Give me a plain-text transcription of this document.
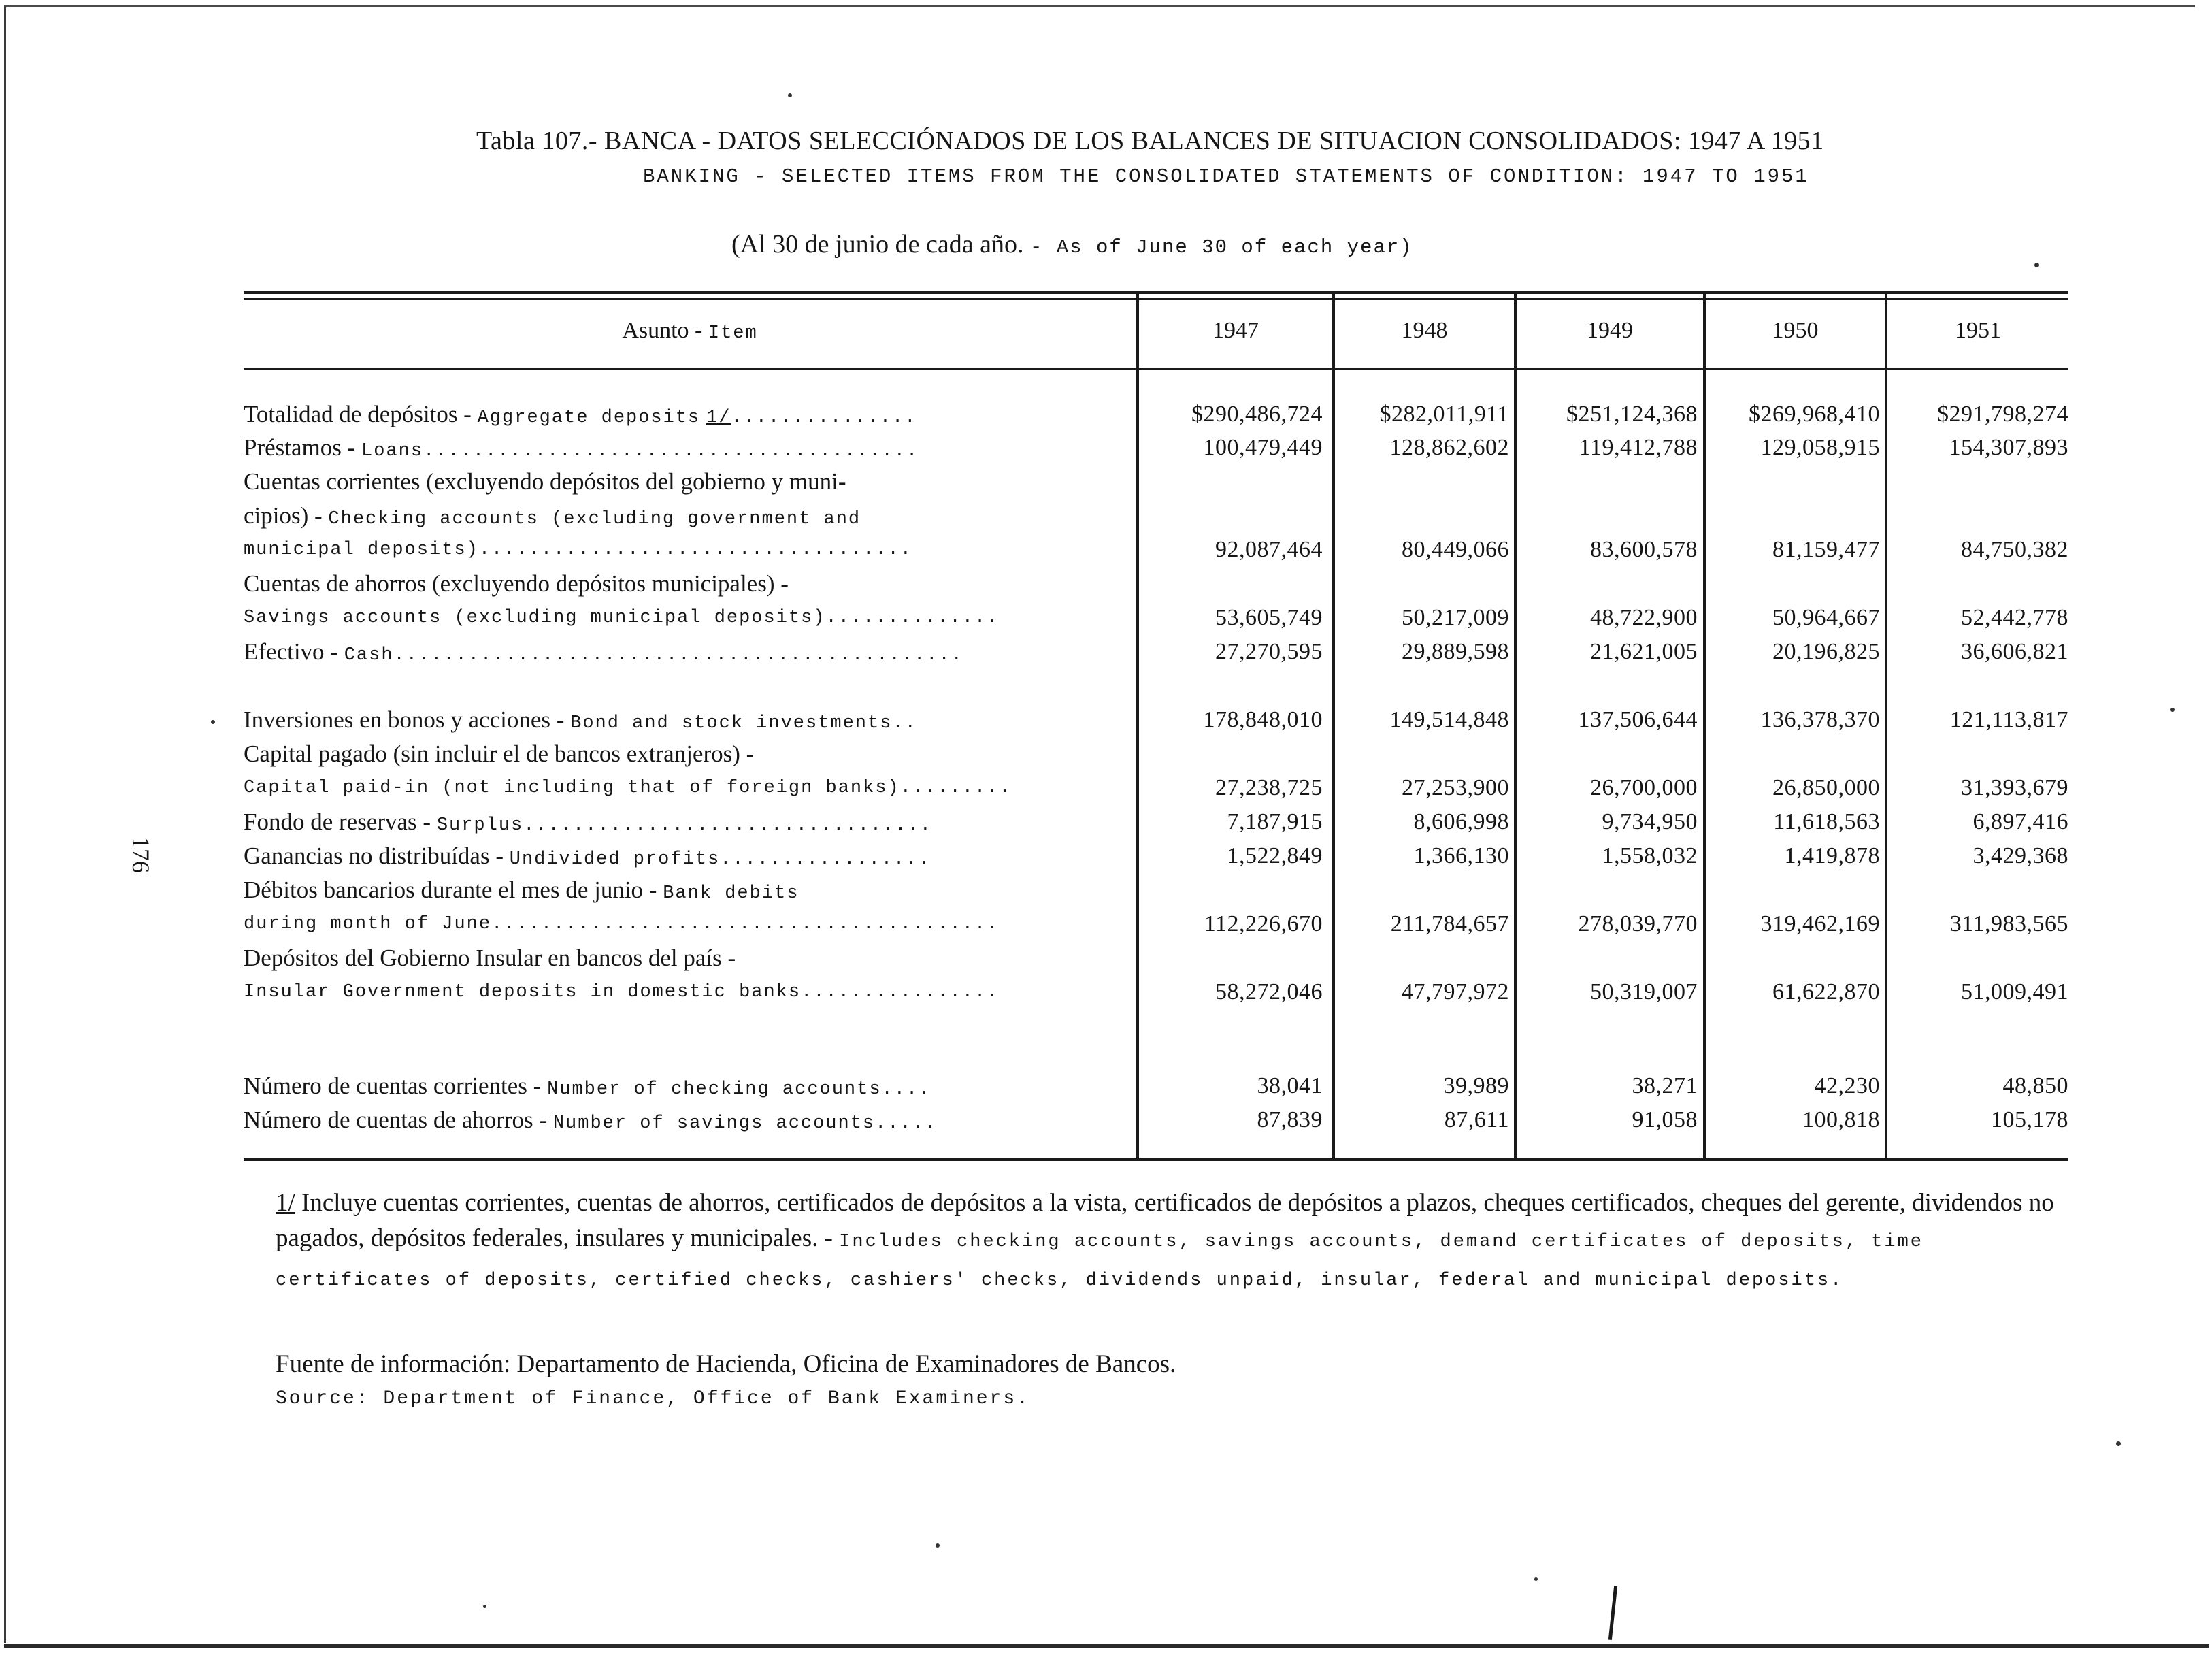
Tabla 107.- BANCA - DATOS SELECCIÓNADOS DE LOS BALANCES DE SITUACION CONSOLIDADOS: 1947 A 1951
BANKING - SELECTED ITEMS FROM THE CONSOLIDATED STATEMENTS OF CONDITION: 1947 TO 1951
(Al 30 de junio de cada año. - As of June 30 of each year)
176
Asunto - Item	1947	1948	1949	1950	1951
Totalidad de depósitos - Aggregate deposits 1/...............	$290,486,724	$282,011,911	$251,124,368	$269,968,410	$291,798,274
Préstamos - Loans........................................	100,479,449	128,862,602	119,412,788	129,058,915	154,307,893
Cuentas corrientes (excluyendo depósitos del gobierno y muni-
cipios) - Checking accounts (excluding government and
municipal deposits)...................................	92,087,464	80,449,066	83,600,578	81,159,477	84,750,382
Cuentas de ahorros (excluyendo depósitos municipales) -
Savings accounts (excluding municipal deposits)..............	53,605,749	50,217,009	48,722,900	50,964,667	52,442,778
Efectivo - Cash..............................................	27,270,595	29,889,598	21,621,005	20,196,825	36,606,821
Inversiones en bonos y acciones - Bond and stock investments..	178,848,010	149,514,848	137,506,644	136,378,370	121,113,817
Capital pagado (sin incluir el de bancos extranjeros) -
Capital paid-in (not including that of foreign banks).........	27,238,725	27,253,900	26,700,000	26,850,000	31,393,679
Fondo de reservas - Surplus.................................	7,187,915	8,606,998	9,734,950	11,618,563	6,897,416
Ganancias no distribuídas - Undivided profits.................	1,522,849	1,366,130	1,558,032	1,419,878	3,429,368
Débitos bancarios durante el mes de junio - Bank debits
during month of June.........................................	112,226,670	211,784,657	278,039,770	319,462,169	311,983,565
Depósitos del Gobierno Insular en bancos del país -
Insular Government deposits in domestic banks................	58,272,046	47,797,972	50,319,007	61,622,870	51,009,491
Número de cuentas corrientes - Number of checking accounts....	38,041	39,989	38,271	42,230	48,850
Número de cuentas de ahorros - Number of savings accounts.....	87,839	87,611	91,058	100,818	105,178
1/ Incluye cuentas corrientes, cuentas de ahorros, certificados de depósitos a la vista, certificados de depósitos a plazos, cheques certificados, cheques del gerente, dividendos no pagados, depósitos federales, insulares y municipales. - Includes checking accounts, savings accounts, demand certificates of deposits, time certificates of deposits, certified checks, cashiers' checks, dividends unpaid, insular, federal and municipal deposits.
Fuente de información: Departamento de Hacienda, Oficina de Examinadores de Bancos.
Source: Department of Finance, Office of Bank Examiners.
